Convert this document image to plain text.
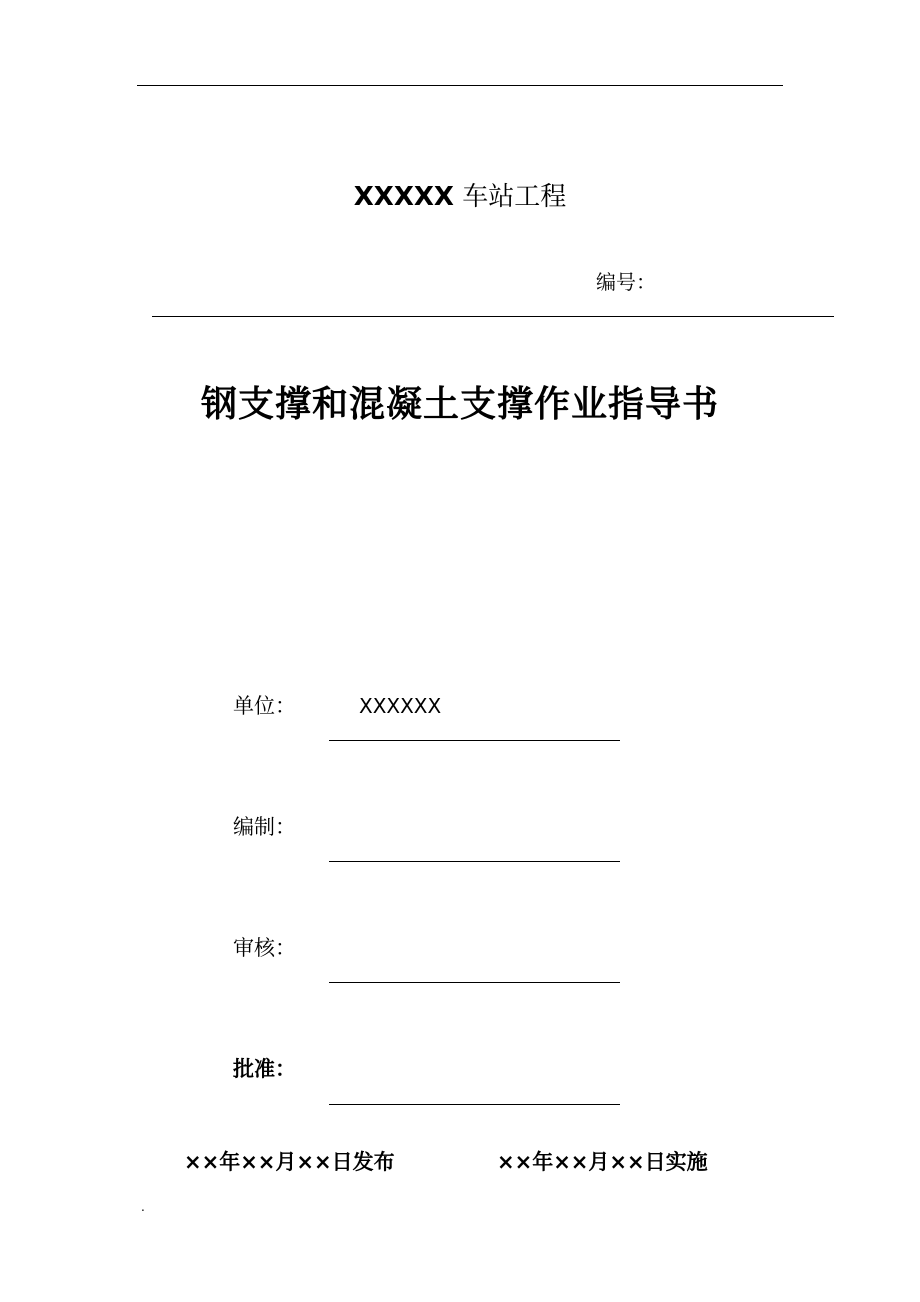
XXXXX 车站工程
编号：
钢支撑和混凝土支撑作业指导书
单位：	XXXXXX
编制：
审核：
批准：
××年××月××日发布	××年××月××日实施
.
